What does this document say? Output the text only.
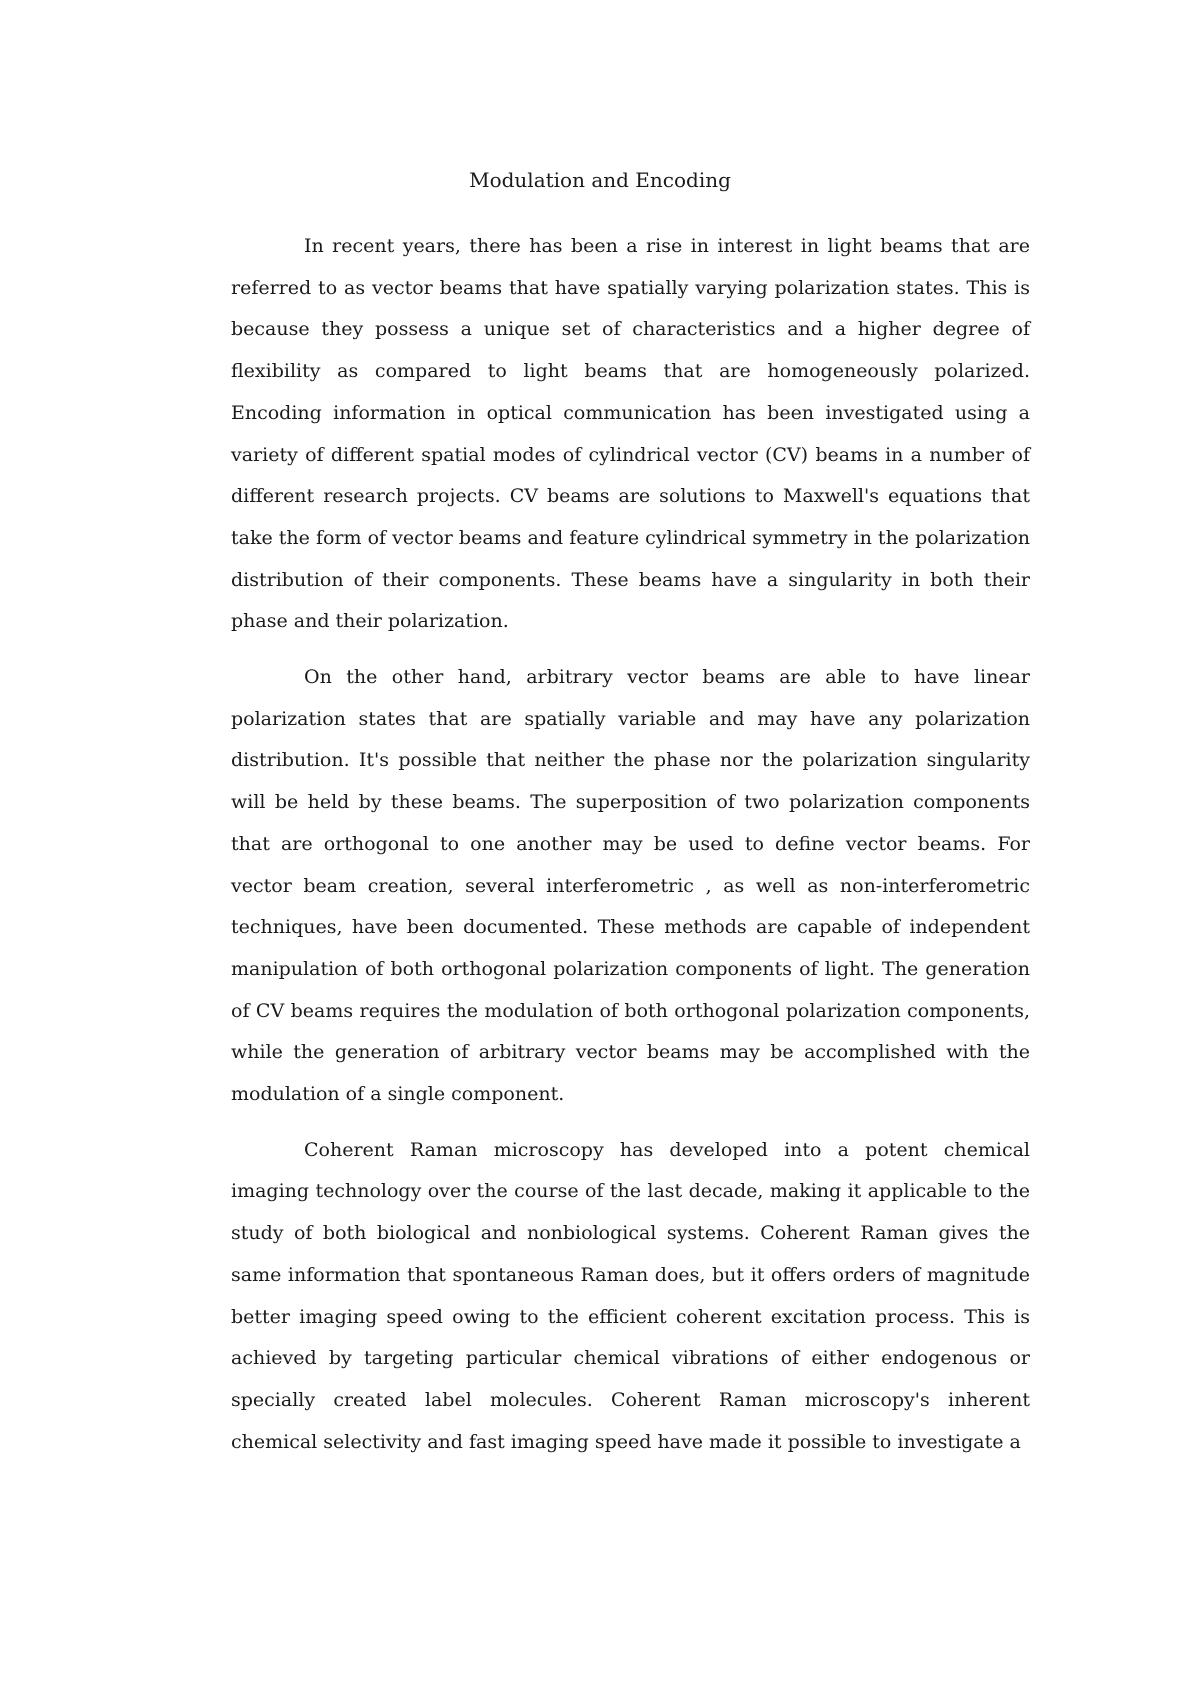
Modulation and Encoding

In recent years, there has been a rise in interest in light beams that are referred to as vector beams that have spatially varying polarization states. This is because they possess a unique set of characteristics and a higher degree of flexibility as compared to light beams that are homogeneously polarized. Encoding information in optical communication has been investigated using a variety of different spatial modes of cylindrical vector (CV) beams in a number of different research projects. CV beams are solutions to Maxwell's equations that take the form of vector beams and feature cylindrical symmetry in the polarization distribution of their components. These beams have a singularity in both their phase and their polarization.

On the other hand, arbitrary vector beams are able to have linear polarization states that are spatially variable and may have any polarization distribution. It's possible that neither the phase nor the polarization singularity will be held by these beams. The superposition of two polarization components that are orthogonal to one another may be used to define vector beams. For vector beam creation, several interferometric , as well as non-interferometric techniques, have been documented. These methods are capable of independent manipulation of both orthogonal polarization components of light. The generation of CV beams requires the modulation of both orthogonal polarization components, while the generation of arbitrary vector beams may be accomplished with the modulation of a single component.

Coherent Raman microscopy has developed into a potent chemical imaging technology over the course of the last decade, making it applicable to the study of both biological and nonbiological systems. Coherent Raman gives the same information that spontaneous Raman does, but it offers orders of magnitude better imaging speed owing to the efficient coherent excitation process. This is achieved by targeting particular chemical vibrations of either endogenous or specially created label molecules. Coherent Raman microscopy's inherent chemical selectivity and fast imaging speed have made it possible to investigate a
